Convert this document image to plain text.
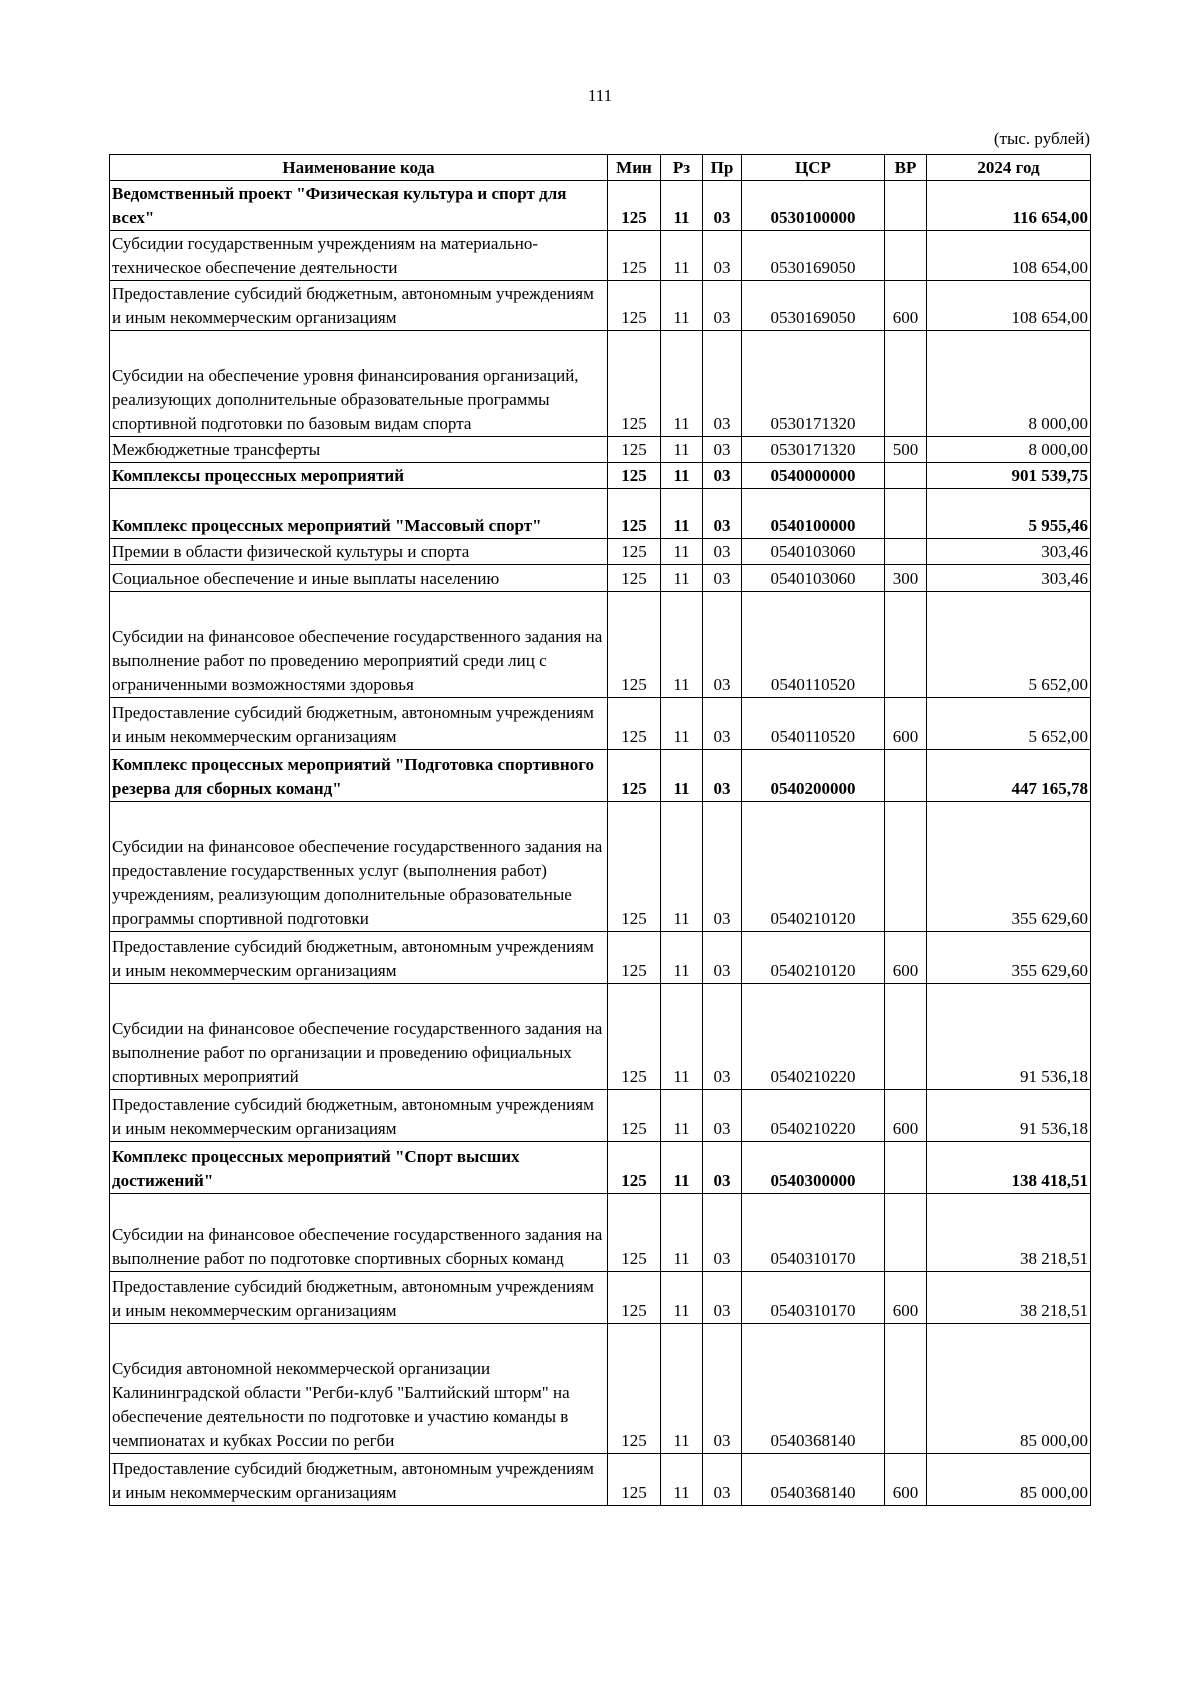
111
(тыс. рублей)
Наименование кода	Мин	Рз	Пр	ЦСР	ВР	2024 год
Ведомственный проект "Физическая культура и спорт для всех"	125	11	03	0530100000		116 654,00
Субсидии государственным учреждениям на материально-техническое обеспечение деятельности	125	11	03	0530169050		108 654,00
Предоставление субсидий бюджетным, автономным учреждениям и иным некоммерческим организациям	125	11	03	0530169050	600	108 654,00
Субсидии на обеспечение уровня финансирования организаций, реализующих дополнительные образовательные программы спортивной подготовки по базовым видам спорта	125	11	03	0530171320		8 000,00
Межбюджетные трансферты	125	11	03	0530171320	500	8 000,00
Комплексы процессных мероприятий	125	11	03	0540000000		901 539,75
Комплекс процессных мероприятий "Массовый спорт"	125	11	03	0540100000		5 955,46
Премии в области физической культуры и спорта	125	11	03	0540103060		303,46
Социальное обеспечение и иные выплаты населению	125	11	03	0540103060	300	303,46
Субсидии на финансовое обеспечение государственного задания на выполнение работ по проведению мероприятий среди лиц с ограниченными возможностями здоровья	125	11	03	0540110520		5 652,00
Предоставление субсидий бюджетным, автономным учреждениям и иным некоммерческим организациям	125	11	03	0540110520	600	5 652,00
Комплекс процессных мероприятий "Подготовка спортивного резерва для сборных команд"	125	11	03	0540200000		447 165,78
Субсидии на финансовое обеспечение государственного задания на предоставление государственных услуг (выполнения работ) учреждениям, реализующим дополнительные образовательные программы спортивной подготовки	125	11	03	0540210120		355 629,60
Предоставление субсидий бюджетным, автономным учреждениям и иным некоммерческим организациям	125	11	03	0540210120	600	355 629,60
Субсидии на финансовое обеспечение государственного задания на выполнение работ по организации и проведению официальных спортивных мероприятий	125	11	03	0540210220		91 536,18
Предоставление субсидий бюджетным, автономным учреждениям и иным некоммерческим организациям	125	11	03	0540210220	600	91 536,18
Комплекс процессных мероприятий "Спорт высших достижений"	125	11	03	0540300000		138 418,51
Субсидии на финансовое обеспечение государственного задания на выполнение работ по подготовке спортивных сборных команд	125	11	03	0540310170		38 218,51
Предоставление субсидий бюджетным, автономным учреждениям и иным некоммерческим организациям	125	11	03	0540310170	600	38 218,51
Субсидия автономной некоммерческой организации Калининградской области "Регби-клуб "Балтийский шторм" на обеспечение деятельности по подготовке и участию команды в чемпионатах и кубках России по регби	125	11	03	0540368140		85 000,00
Предоставление субсидий бюджетным, автономным учреждениям и иным некоммерческим организациям	125	11	03	0540368140	600	85 000,00
